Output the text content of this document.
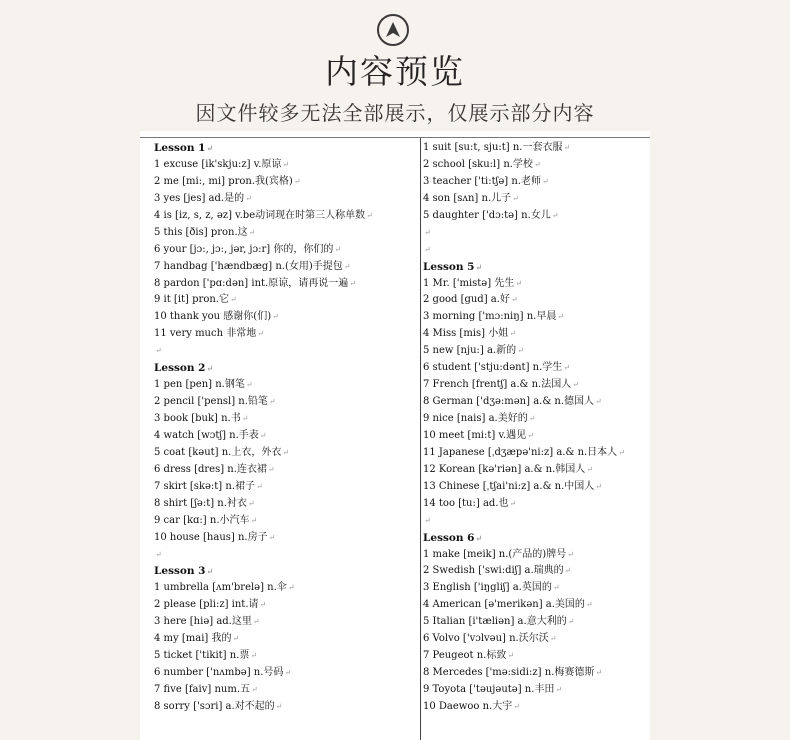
内容预览
因文件较多无法全部展示，仅展示部分内容
Lesson 1↵
1 excuse [ik'skju:z] v.原谅↵
2 me [mi:, mi] pron.我(宾格)↵
3 yes [jes] ad.是的↵
4 is [iz, s, z, əz] v.be动词现在时第三人称单数↵
5 this [ðis] pron.这↵
6 your [jɔ:, jɔ:, jər, jɔ:r] 你的，你们的↵
7 handbag ['hændbæg] n.(女用)手提包↵
8 pardon ['pɑ:dən] int.原谅，请再说一遍↵
9 it [it] pron.它↵
10 thank you 感谢你(们)↵
11 very much 非常地↵
↵
Lesson 2↵
1 pen [pen] n.钢笔↵
2 pencil ['pensl] n.铅笔↵
3 book [buk] n.书↵
4 watch [wɔtʃ] n.手表↵
5 coat [kəut] n.上衣，外衣↵
6 dress [dres] n.连衣裙↵
7 skirt [skə:t] n.裙子↵
8 shirt [ʃə:t] n.衬衣↵
9 car [kɑ:] n.小汽车↵
10 house [haus] n.房子↵
↵
Lesson 3↵
1 umbrella [ʌm'brelə] n.伞↵
2 please [pli:z] int.请↵
3 here [hiə] ad.这里↵
4 my [mai] 我的↵
5 ticket ['tikit] n.票↵
6 number ['nʌmbə] n.号码↵
7 five [faiv] num.五↵
8 sorry ['sɔri] a.对不起的↵
1 suit [su:t, sju:t] n.一套衣服↵
2 school [sku:l] n.学校↵
3 teacher ['ti:tʃə] n.老师↵
4 son [sʌn] n.儿子↵
5 daughter ['dɔ:tə] n.女儿↵
↵
↵
Lesson 5↵
1 Mr. ['mistə] 先生↵
2 good [gud] a.好↵
3 morning ['mɔ:niŋ] n.早晨↵
4 Miss [mis] 小姐↵
5 new [nju:] a.新的↵
6 student ['stju:dənt] n.学生↵
7 French [frentʃ] a.& n.法国人↵
8 German ['dʒə:mən] a.& n.德国人↵
9 nice [nais] a.美好的↵
10 meet [mi:t] v.遇见↵
11 Japanese [ˌdʒæpə'ni:z] a.& n.日本人↵
12 Korean [kə'riən] a.& n.韩国人↵
13 Chinese [ˌtʃai'ni:z] a.& n.中国人↵
14 too [tu:] ad.也↵
↵
Lesson 6↵
1 make [meik] n.(产品的)牌号↵
2 Swedish ['swi:diʃ] a.瑞典的↵
3 English ['iŋgliʃ] a.英国的↵
4 American [ə'merikən] a.美国的↵
5 Italian [i'tæliən] a.意大利的↵
6 Volvo ['vɔlvəu] n.沃尔沃↵
7 Peugeot n.标致↵
8 Mercedes ['mə:sidi:z] n.梅赛德斯↵
9 Toyota ['təujəutə] n.丰田↵
10 Daewoo n.大宇↵
